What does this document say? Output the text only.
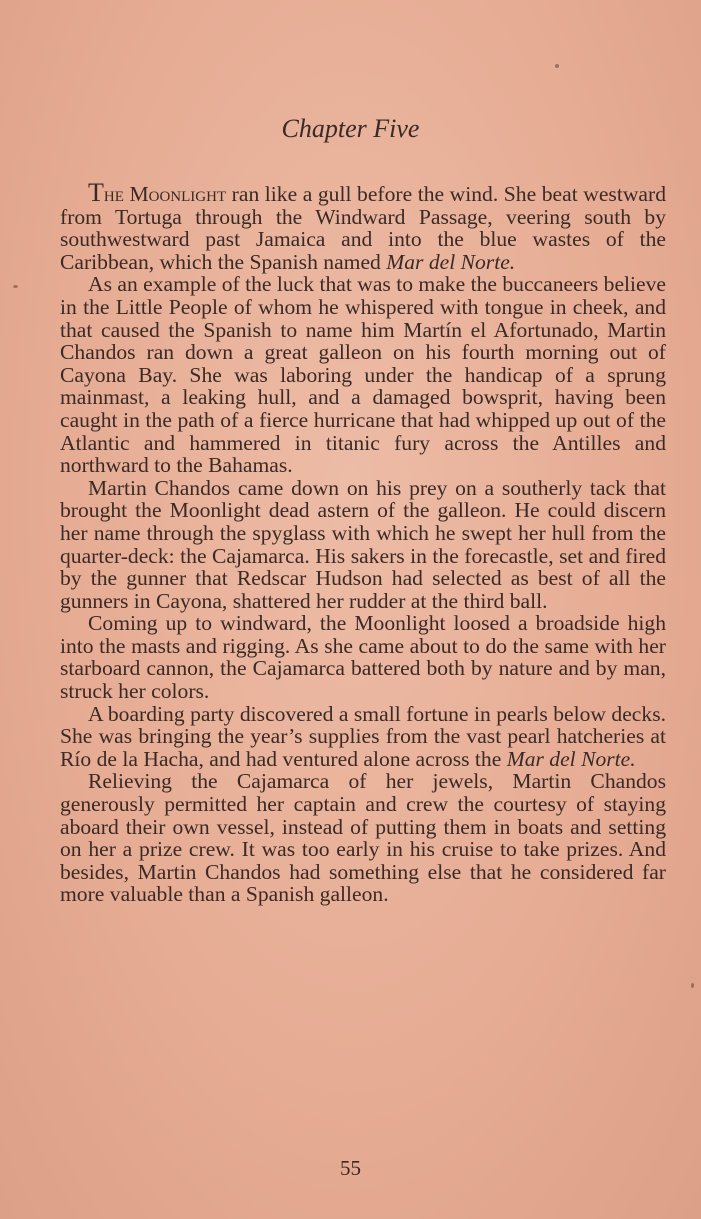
Chapter Five

The Moonlight ran like a gull before the wind. She beat westward from Tortuga through the Windward Passage, veering south by southwestward past Jamaica and into the blue wastes of the Caribbean, which the Spanish named Mar del Norte.

As an example of the luck that was to make the buccaneers believe in the Little People of whom he whispered with tongue in cheek, and that caused the Spanish to name him Martín el Afortunado, Martin Chandos ran down a great galleon on his fourth morning out of Cayona Bay. She was laboring under the handicap of a sprung mainmast, a leaking hull, and a damaged bowsprit, having been caught in the path of a fierce hurricane that had whipped up out of the Atlantic and hammered in titanic fury across the Antilles and northward to the Bahamas.

Martin Chandos came down on his prey on a southerly tack that brought the Moonlight dead astern of the galleon. He could discern her name through the spyglass with which he swept her hull from the quarter-deck: the Cajamarca. His sakers in the forecastle, set and fired by the gunner that Redscar Hudson had selected as best of all the gunners in Cayona, shattered her rudder at the third ball.

Coming up to windward, the Moonlight loosed a broadside high into the masts and rigging. As she came about to do the same with her starboard cannon, the Cajamarca battered both by nature and by man, struck her colors.

A boarding party discovered a small fortune in pearls below decks. She was bringing the year’s supplies from the vast pearl hatcheries at Río de la Hacha, and had ventured alone across the Mar del Norte.

Relieving the Cajamarca of her jewels, Martin Chandos generously permitted her captain and crew the courtesy of staying aboard their own vessel, instead of putting them in boats and setting on her a prize crew. It was too early in his cruise to take prizes. And besides, Martin Chandos had something else that he considered far more valuable than a Spanish galleon.

55
